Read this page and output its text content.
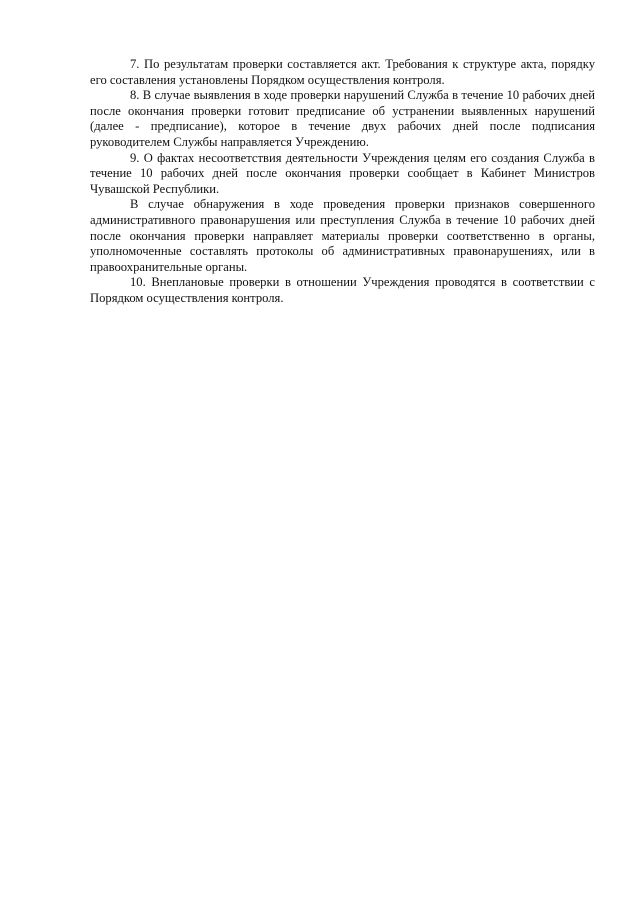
7. По результатам проверки составляется акт. Требования к структуре акта, порядку его составления установлены Порядком осуществления контроля.

8. В случае выявления в ходе проверки нарушений Служба в течение 10 рабочих дней после окончания проверки готовит предписание об устранении выявленных нарушений (далее - предписание), которое в течение двух рабочих дней после подписания руководителем Службы направляется Учреждению.

9. О фактах несоответствия деятельности Учреждения целям его создания Служба в течение 10 рабочих дней после окончания проверки сообщает в Кабинет Министров Чувашской Республики.

В случае обнаружения в ходе проведения проверки признаков совершенного административного правонарушения или преступления Служба в течение 10 рабочих дней после окончания проверки направляет материалы проверки соответственно в органы, уполномоченные составлять протоколы об административных правонарушениях, или в правоохранительные органы.

10. Внеплановые проверки в отношении Учреждения проводятся в соответствии с Порядком осуществления контроля.
